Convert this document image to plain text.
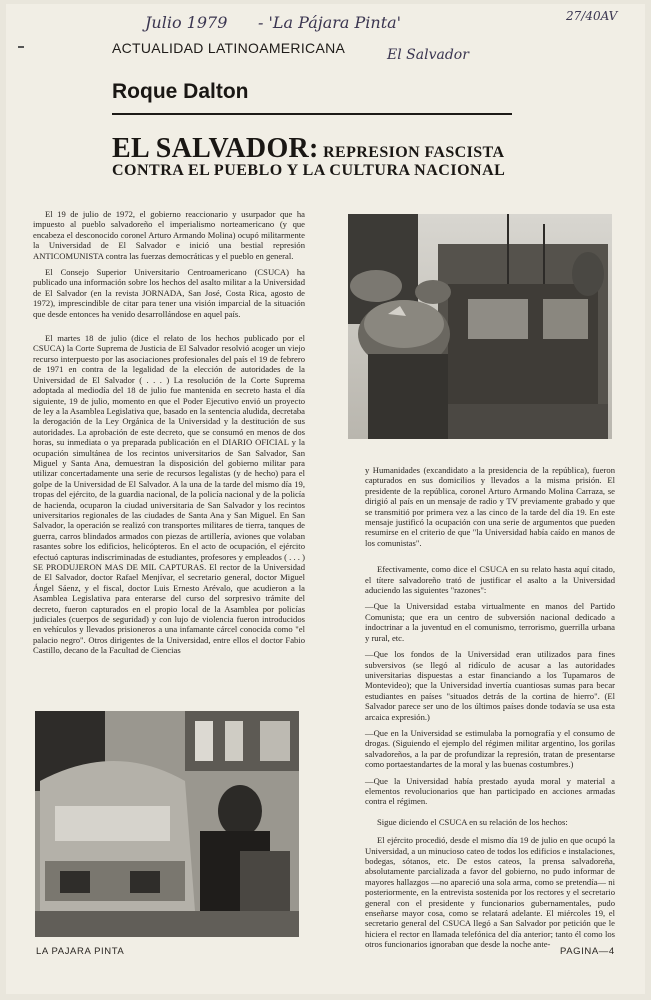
Julio 1979 - 'La Pájara Pinta'	27/40AV
El Salvador
ACTUALIDAD LATINOAMERICANA
Roque Dalton
EL SALVADOR: REPRESION FASCISTA
CONTRA EL PUEBLO Y LA CULTURA NACIONAL

El 19 de julio de 1972, el gobierno reaccionario y usurpador que ha impuesto al pueblo salvadoreño el imperialismo norteamericano (y que encabeza el desconocido coronel Arturo Armando Molina) ocupó militarmente la Universidad de El Salvador e inició una bestial represión ANTICOMUNISTA contra las fuerzas democráticas y el pueblo en general.

El Consejo Superior Universitario Centroamericano (CSUCA) ha publicado una información sobre los hechos del asalto militar a la Universidad de El Salvador (en la revista JORNADA, San José, Costa Rica, agosto de 1972), imprescindible de citar para tener una visión imparcial de la situación que desde entonces ha venido desarrollándose en aquel país.

El martes 18 de julio (dice el relato de los hechos publicado por el CSUCA) la Corte Suprema de Justicia de El Salvador resolvió acoger un viejo recurso interpuesto por las asociaciones profesionales del país el 19 de febrero de 1971 en contra de la legalidad de la elección de autoridades de la Universidad de El Salvador ( . . . ) La resolución de la Corte Suprema adoptada al mediodía del 18 de julio fue mantenida en secreto hasta el día siguiente, 19 de julio, momento en que el Poder Ejecutivo envió un proyecto de ley a la Asamblea Legislativa que, basado en la sentencia aludida, decretaba la derogación de la Ley Orgánica de la Universidad y la destitución de sus autoridades. La aprobación de este decreto, que se consumó en menos de dos horas, su inmediata o ya preparada publicación en el DIARIO OFICIAL y la ocupación simultánea de los recintos universitarios de San Salvador, San Miguel y Santa Ana, demuestran la disposición del gobierno militar para utilizar concertadamente una serie de recursos legalistas (y de hecho) para el golpe de la Universidad de El Salvador. A la una de la tarde del mismo día 19, tropas del ejército, de la guardia nacional, de la policía nacional y de la policía de hacienda, ocuparon la ciudad universitaria de San Salvador y los recintos universitarios regionales de las ciudades de Santa Ana y San Miguel. En San Salvador, la operación se realizó con transportes militares de tierra, tanques de guerra, carros blindados armados con piezas de artillería, aviones que volaban rasantes sobre los edificios, helicópteros. En el acto de ocupación, el ejército efectuó capturas indiscriminadas de estudiantes, profesores y empleados ( . . . ) SE PRODUJERON MAS DE MIL CAPTURAS. El rector de la Universidad de El Salvador, doctor Rafael Menjívar, el secretario general, doctor Miguel Ángel Sáenz, y el fiscal, doctor Luis Ernesto Arévalo, que acudieron a la Asamblea Legislativa para enterarse del curso del sorpresivo trámite del decreto, fueron capturados en el propio local de la Asamblea por policías judiciales (cuerpos de seguridad) y con lujo de violencia fueron introducidos en vehículos y llevados prisioneros a una infamante cárcel conocida como "el palacio negro". Otros dirigentes de la Universidad, entre ellos el doctor Fabio Castillo, decano de la Facultad de Ciencias

y Humanidades (excandidato a la presidencia de la república), fueron capturados en sus domicilios y llevados a la misma prisión. El presidente de la república, coronel Arturo Armando Molina Carraza, se dirigió al país en un mensaje de radio y TV previamente grabado y que se transmitió por primera vez a las cinco de la tarde del día 19. En este mensaje justificó la ocupación con una serie de argumentos que pueden resumirse en el criterio de que "la Universidad había caído en manos de los comunistas".

Efectivamente, como dice el CSUCA en su relato hasta aquí citado, el títere salvadoreño trató de justificar el asalto a la Universidad aduciendo las siguientes "razones":

—Que la Universidad estaba virtualmente en manos del Partido Comunista; que era un centro de subversión nacional dedicado a indoctrinar a la juventud en el comunismo, terrorismo, guerrilla urbana y rural, etc.

—Que los fondos de la Universidad eran utilizados para fines subversivos (se llegó al ridículo de acusar a las autoridades universitarias dispuestas a estar financiando a los Tupamaros de Montevideo); que la Universidad invertía cuantiosas sumas para becar estudiantes en países "situados detrás de la cortina de hierro". (El Salvador parece ser uno de los últimos países donde todavía se usa esta arcaica expresión.)

—Que en la Universidad se estimulaba la pornografía y el consumo de drogas. (Siguiendo el ejemplo del régimen militar argentino, los gorilas salvadoreños, a la par de profundizar la represión, tratan de presentarse como portaestandartes de la moral y las buenas costumbres.)

—Que la Universidad había prestado ayuda moral y material a elementos revolucionarios que han participado en acciones armadas contra el régimen.

Sigue diciendo el CSUCA en su relación de los hechos:

El ejército procedió, desde el mismo día 19 de julio en que ocupó la Universidad, a un minucioso cateo de todos los edificios e instalaciones, bodegas, sótanos, etc. De estos cateos, la prensa salvadoreña, absolutamente parcializada a favor del gobierno, no pudo informar de mayores hallazgos —no apareció una sola arma, como se pretendía— ni posteriormente, en la entrevista sostenida por los rectores y el secretario general con el presidente y funcionarios gubernamentales, pudo enseñarse mayor cosa, como se relatará adelante. El miércoles 19, el secretario general del CSUCA llegó a San Salvador por petición que le hiciera el rector en llamada telefónica del día anterior; tanto él como los otros funcionarios ignoraban que desde la noche ante-

LA PAJARA PINTA	PAGINA—4
